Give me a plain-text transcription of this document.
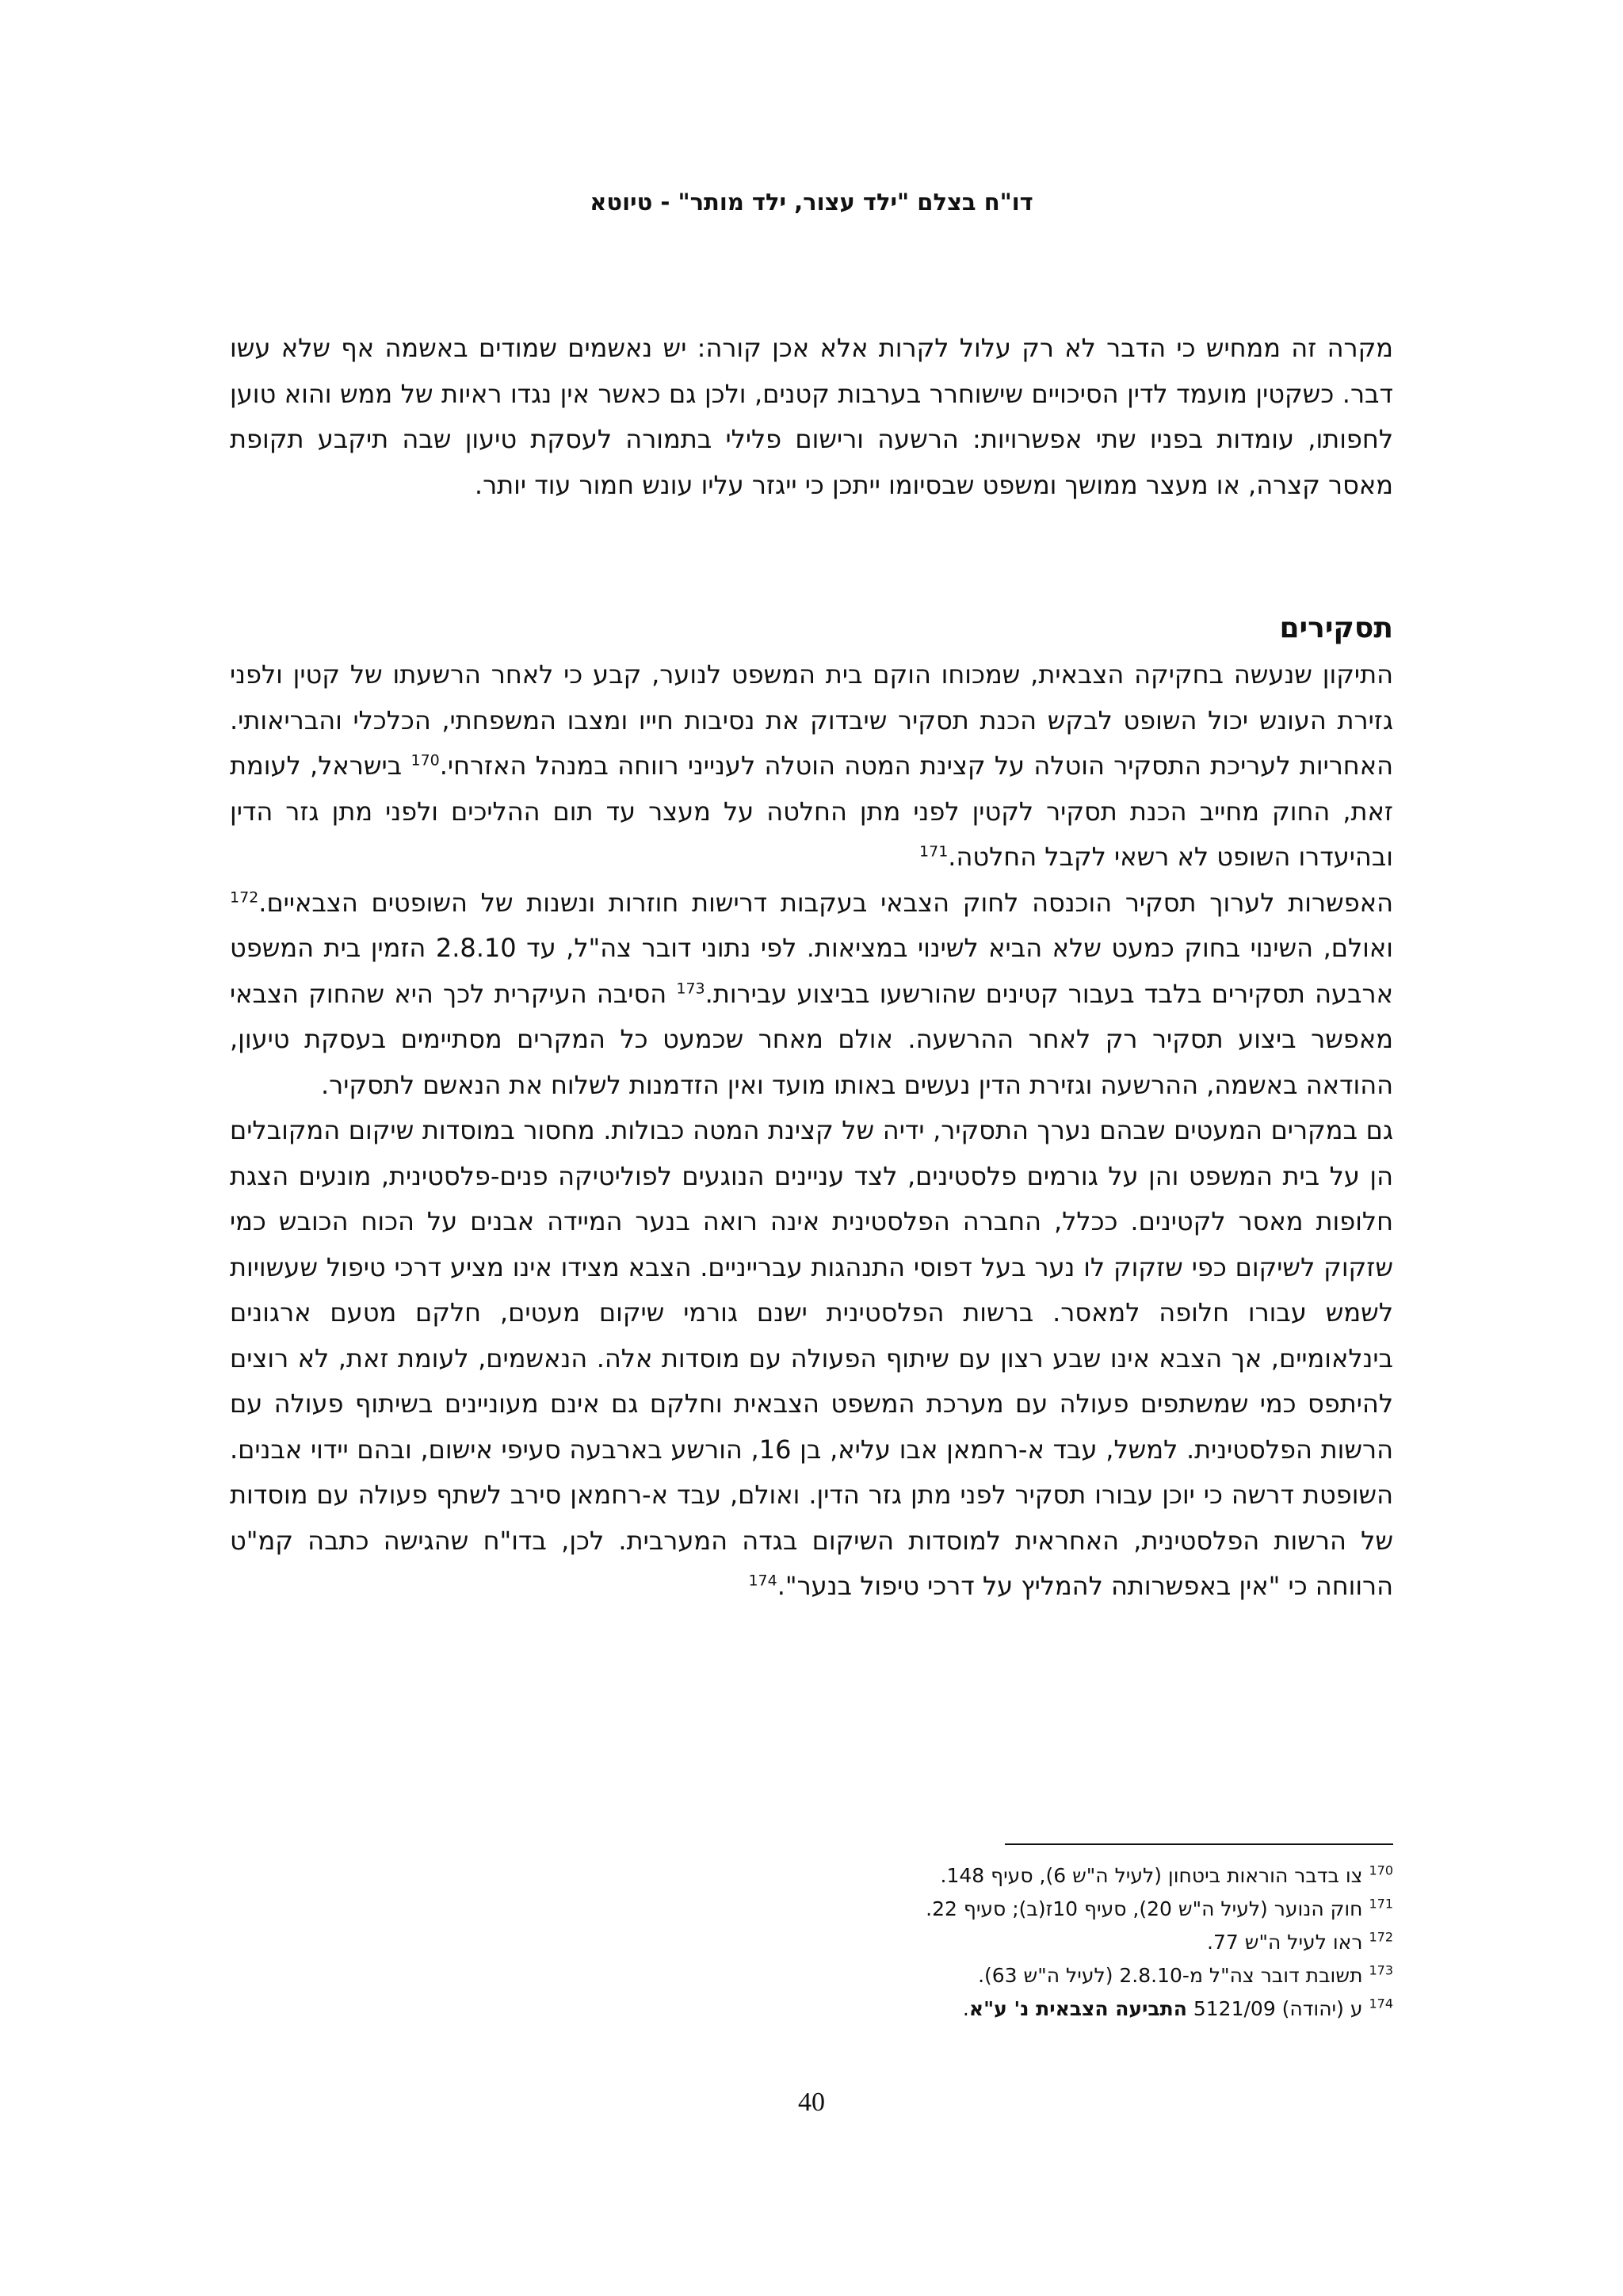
דו"ח בצלם "ילד עצור, ילד מותר" - טיוטא

מקרה זה ממחיש כי הדבר לא רק עלול לקרות אלא אכן קורה: יש נאשמים שמודים באשמה אף שלא עשו דבר. כשקטין מועמד לדין הסיכויים שישוחרר בערבות קטנים, ולכן גם כאשר אין נגדו ראיות של ממש והוא טוען לחפותו, עומדות בפניו שתי אפשרויות: הרשעה ורישום פלילי בתמורה לעסקת טיעון שבה תיקבע תקופת מאסר קצרה, או מעצר ממושך ומשפט שבסיומו ייתכן כי ייגזר עליו עונש חמור עוד יותר.

תסקירים

התיקון שנעשה בחקיקה הצבאית, שמכוחו הוקם בית המשפט לנוער, קבע כי לאחר הרשעתו של קטין ולפני גזירת העונש יכול השופט לבקש הכנת תסקיר שיבדוק את נסיבות חייו ומצבו המשפחתי, הכלכלי והבריאותי. האחריות לעריכת התסקיר הוטלה על קצינת המטה הוטלה לענייני רווחה במנהל האזרחי.$^{170}$ בישראל, לעומת זאת, החוק מחייב הכנת תסקיר לקטין לפני מתן החלטה על מעצר עד תום ההליכים ולפני מתן גזר הדין ובהיעדרו השופט לא רשאי לקבל החלטה.$^{171}$

האפשרות לערוך תסקיר הוכנסה לחוק הצבאי בעקבות דרישות חוזרות ונשנות של השופטים הצבאיים.$^{172}$ ואולם, השינוי בחוק כמעט שלא הביא לשינוי במציאות. לפי נתוני דובר צה"ל, עד 2.8.10 הזמין בית המשפט ארבעה תסקירים בלבד בעבור קטינים שהורשעו בביצוע עבירות.$^{173}$ הסיבה העיקרית לכך היא שהחוק הצבאי מאפשר ביצוע תסקיר רק לאחר ההרשעה. אולם מאחר שכמעט כל המקרים מסתיימים בעסקת טיעון, ההודאה באשמה, ההרשעה וגזירת הדין נעשים באותו מועד ואין הזדמנות לשלוח את הנאשם לתסקיר.

גם במקרים המעטים שבהם נערך התסקיר, ידיה של קצינת המטה כבולות. מחסור במוסדות שיקום המקובלים הן על בית המשפט והן על גורמים פלסטינים, לצד עניינים הנוגעים לפוליטיקה פנים-פלסטינית, מונעים הצגת חלופות מאסר לקטינים. ככלל, החברה הפלסטינית אינה רואה בנער המיידה אבנים על הכוח הכובש כמי שזקוק לשיקום כפי שזקוק לו נער בעל דפוסי התנהגות עברייניים. הצבא מצידו אינו מציע דרכי טיפול שעשויות לשמש עבורו חלופה למאסר. ברשות הפלסטינית ישנם גורמי שיקום מעטים, חלקם מטעם ארגונים בינלאומיים, אך הצבא אינו שבע רצון עם שיתוף הפעולה עם מוסדות אלה. הנאשמים, לעומת זאת, לא רוצים להיתפס כמי שמשתפים פעולה עם מערכת המשפט הצבאית וחלקם גם אינם מעוניינים בשיתוף פעולה עם הרשות הפלסטינית. למשל, עבד א-רחמאן אבו עליא, בן 16, הורשע בארבעה סעיפי אישום, ובהם יידוי אבנים. השופטת דרשה כי יוכן עבורו תסקיר לפני מתן גזר הדין. ואולם, עבד א-רחמאן סירב לשתף פעולה עם מוסדות של הרשות הפלסטינית, האחראית למוסדות השיקום בגדה המערבית. לכן, בדו"ח שהגישה כתבה קמ"ט הרווחה כי "אין באפשרותה להמליץ על דרכי טיפול בנער".$^{174}$

$^{170}$ צו בדבר הוראות ביטחון (לעיל ה"ש 6), סעיף 148.

$^{171}$ חוק הנוער (לעיל ה"ש 20), סעיף 10ז(ב); סעיף 22.

$^{172}$ ראו לעיל ה"ש 77.

$^{173}$ תשובת דובר צה"ל מ-2.8.10 (לעיל ה"ש 63).

$^{174}$ ע (יהודה) 5121/09 התביעה הצבאית נ' ע"א.

40
